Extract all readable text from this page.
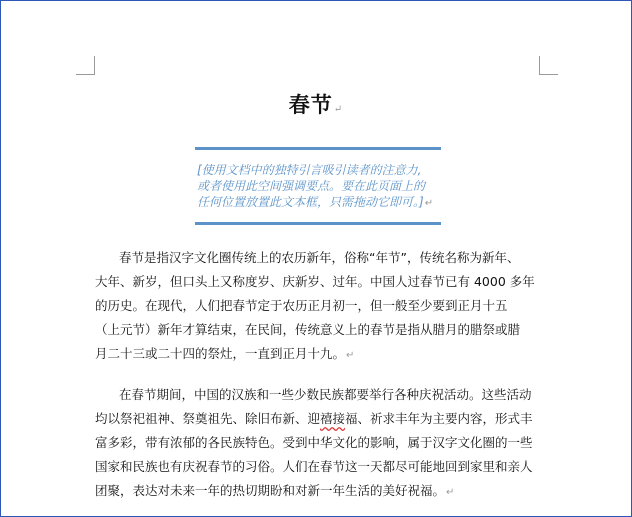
春节↵
[使用文档中的独特引言吸引读者的注意力,
或者使用此空间强调要点。要在此页面上的
任何位置放置此文本框，只需拖动它即可。]↵
春节是指汉字文化圈传统上的农历新年，俗称“年节”，传统名称为新年、
大年、新岁，但口头上又称度岁、庆新岁、过年。中国人过春节已有 4000 多年
的历史。在现代，人们把春节定于农历正月初一，但一般至少要到正月十五
（上元节）新年才算结束，在民间，传统意义上的春节是指从腊月的腊祭或腊
月二十三或二十四的祭灶，一直到正月十九。↵
在春节期间，中国的汉族和一些少数民族都要举行各种庆祝活动。这些活动
均以祭祀祖神、祭奠祖先、除旧布新、迎禧接福、祈求丰年为主要内容，形式丰
富多彩，带有浓郁的各民族特色。受到中华文化的影响，属于汉字文化圈的一些
国家和民族也有庆祝春节的习俗。人们在春节这一天都尽可能地回到家里和亲人
团聚，表达对未来一年的热切期盼和对新一年生活的美好祝福。↵
